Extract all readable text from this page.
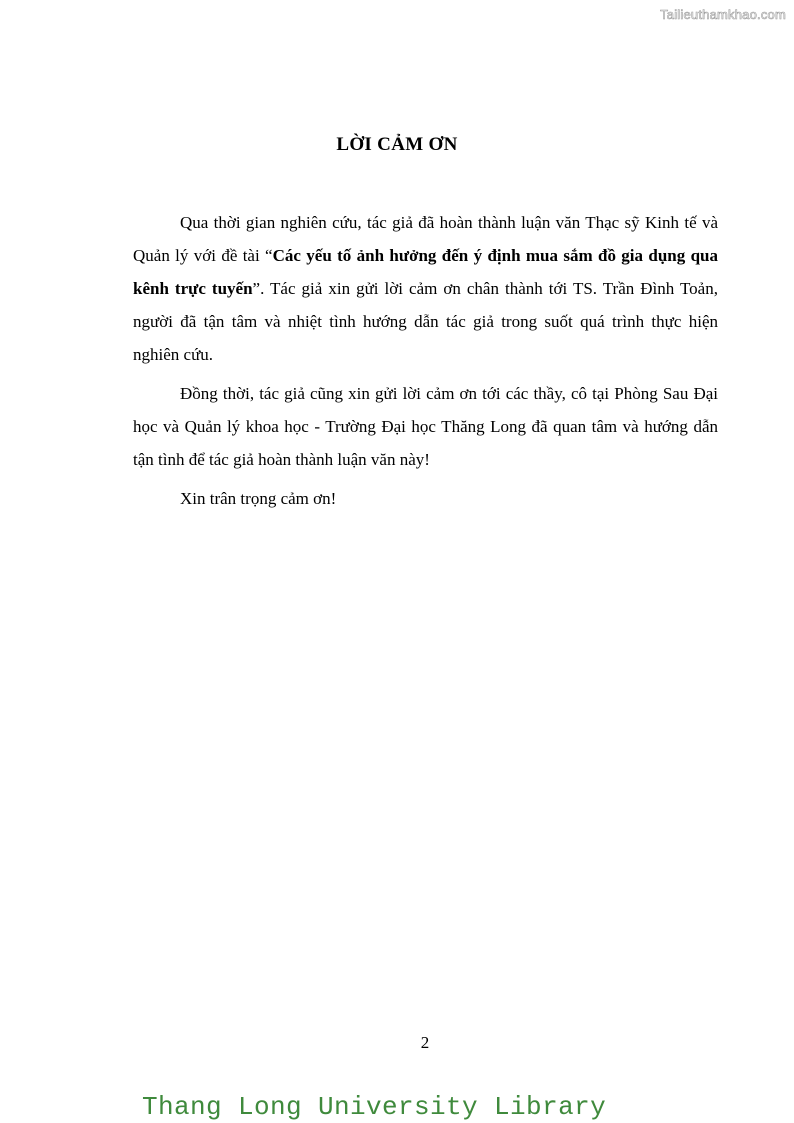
Tailieuthamkhao.com
LỜI CẢM ƠN

Qua thời gian nghiên cứu, tác giả đã hoàn thành luận văn Thạc sỹ Kinh tế và Quản lý với đề tài “Các yếu tố ảnh hưởng đến ý định mua sắm đồ gia dụng qua kênh trực tuyến”. Tác giả xin gửi lời cảm ơn chân thành tới TS. Trần Đình Toản, người đã tận tâm và nhiệt tình hướng dẫn tác giả trong suốt quá trình thực hiện nghiên cứu.

Đồng thời, tác giả cũng xin gửi lời cảm ơn tới các thầy, cô tại Phòng Sau Đại học và Quản lý khoa học - Trường Đại học Thăng Long đã quan tâm và hướng dẫn tận tình để tác giả hoàn thành luận văn này!

Xin trân trọng cảm ơn!

2
Thang Long University Library
